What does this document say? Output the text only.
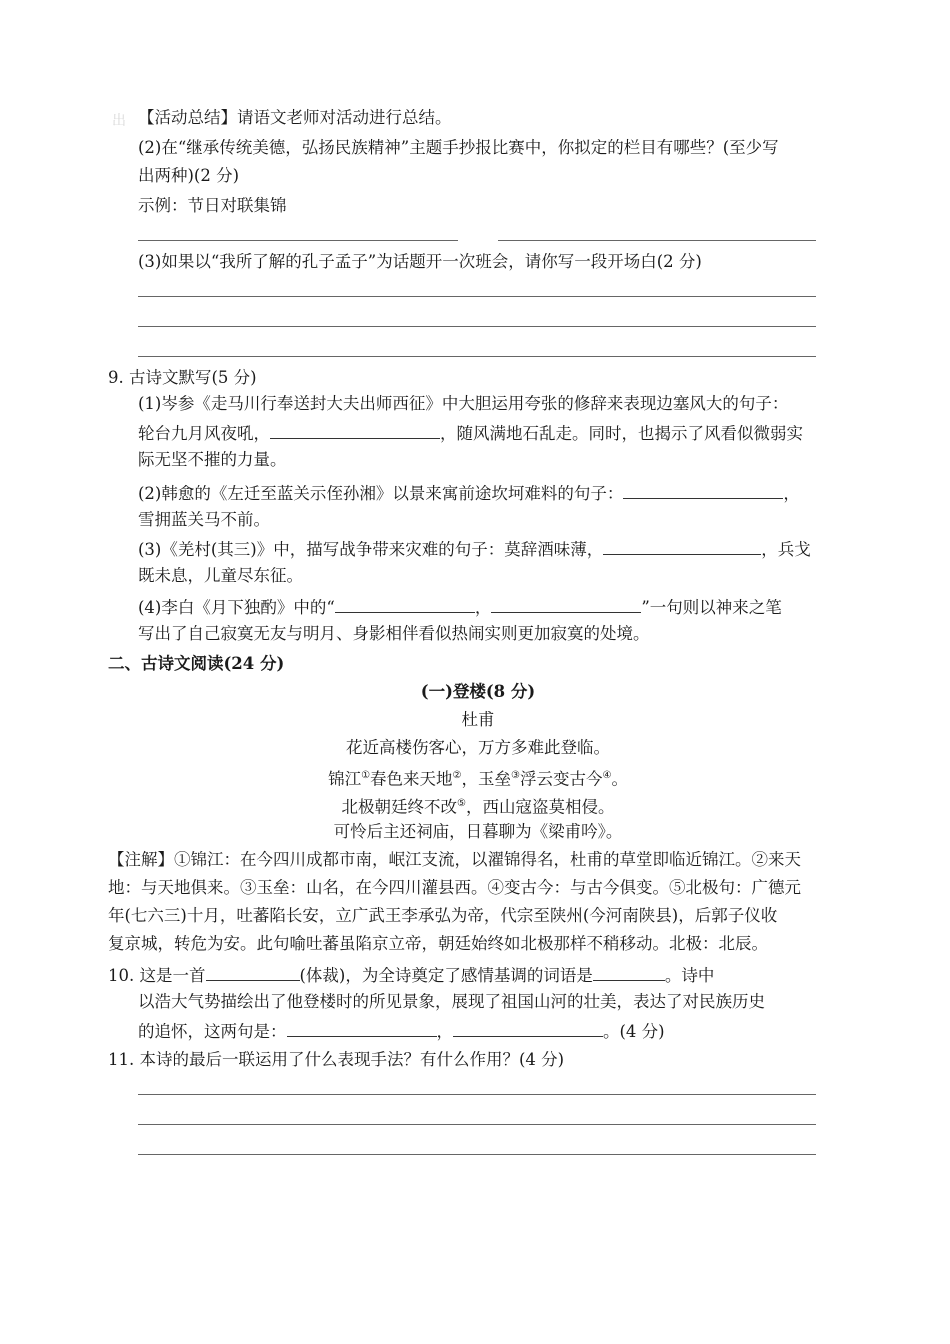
出 【活动总结】请语文老师对活动进行总结。
(2)在“继承传统美德，弘扬民族精神”主题手抄报比赛中，你拟定的栏目有哪些？(至少写
出两种)(2 分)
示例：节日对联集锦
(3)如果以“我所了解的孔子孟子”为话题开一次班会，请你写一段开场白(2 分)
9. 古诗文默写(5 分)
(1)岑参《走马川行奉送封大夫出师西征》中大胆运用夸张的修辞来表现边塞风大的句子：
轮台九月风夜吼，	，随风满地石乱走。同时，也揭示了风看似微弱实
际无坚不摧的力量。
(2)韩愈的《左迁至蓝关示侄孙湘》以景来寓前途坎坷难料的句子：	，
雪拥蓝关马不前。
(3)《羌村(其三)》中，描写战争带来灾难的句子：莫辞酒味薄，	，兵戈
既未息，儿童尽东征。
(4)李白《月下独酌》中的“	，	”一句则以神来之笔
写出了自己寂寞无友与明月、身影相伴看似热闹实则更加寂寞的处境。
二、古诗文阅读(24 分)
(一)登楼(8 分)
杜甫
花近高楼伤客心，万方多难此登临。
锦江①春色来天地②，玉垒③浮云变古今④。
北极朝廷终不改⑤，西山寇盗莫相侵。
可怜后主还祠庙，日暮聊为《梁甫吟》。
【注解】①锦江：在今四川成都市南，岷江支流，以濯锦得名，杜甫的草堂即临近锦江。②来天
地：与天地俱来。③玉垒：山名，在今四川灌县西。④变古今：与古今俱变。⑤北极句：广德元
年(七六三)十月，吐蕃陷长安，立广武王李承弘为帝，代宗至陕州(今河南陕县)，后郭子仪收
复京城，转危为安。此句喻吐蕃虽陷京立帝，朝廷始终如北极那样不稍移动。北极：北辰。
10. 这是一首	(体裁)，为全诗奠定了感情基调的词语是	。诗中
以浩大气势描绘出了他登楼时的所见景象，展现了祖国山河的壮美，表达了对民族历史
的追怀，这两句是：	，	。(4 分)
11. 本诗的最后一联运用了什么表现手法？有什么作用？(4 分)
